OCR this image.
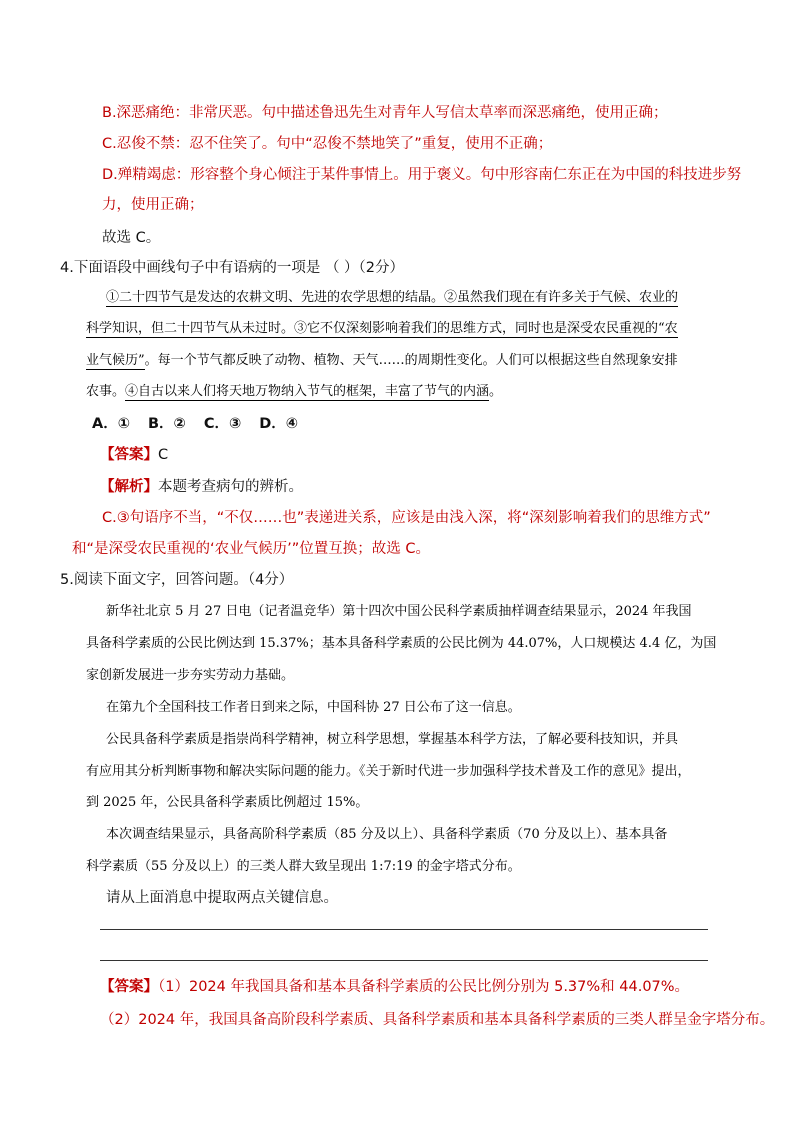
B.深恶痛绝：非常厌恶。句中描述鲁迅先生对青年人写信太草率而深恶痛绝，使用正确；
C.忍俊不禁：忍不住笑了。句中“忍俊不禁地笑了”重复，使用不正确；
D.殚精竭虑：形容整个身心倾注于某件事情上。用于褒义。句中形容南仁东正在为中国的科技进步努
力，使用正确；
故选 C。
4.下面语段中画线句子中有语病的一项是 （ ）（2分）
①二十四节气是发达的农耕文明、先进的农学思想的结晶。②虽然我们现在有许多关于气候、农业的
科学知识，但二十四节气从未过时。③它不仅深刻影响着我们的思维方式，同时也是深受农民重视的“农
业气候历”。每一个节气都反映了动物、植物、天气……的周期性变化。人们可以根据这些自然现象安排
农事。④自古以来人们将天地万物纳入节气的框架，丰富了节气的内涵。
A．① B．② C．③ D．④
【答案】C
【解析】本题考查病句的辨析。
C.③句语序不当，“不仅……也”表递进关系，应该是由浅入深，将“深刻影响着我们的思维方式”
和“是深受农民重视的‘农业气候历’”位置互换；故选 C。
5.阅读下面文字，回答问题。（4分）
新华社北京 5 月 27 日电（记者温竞华）第十四次中国公民科学素质抽样调查结果显示，2024 年我国
具备科学素质的公民比例达到 15.37%；基本具备科学素质的公民比例为 44.07%，人口规模达 4.4 亿，为国
家创新发展进一步夯实劳动力基础。
在第九个全国科技工作者日到来之际，中国科协 27 日公布了这一信息。
公民具备科学素质是指崇尚科学精神，树立科学思想，掌握基本科学方法，了解必要科技知识，并具
有应用其分析判断事物和解决实际问题的能力。《关于新时代进一步加强科学技术普及工作的意见》提出，
到 2025 年，公民具备科学素质比例超过 15%。
本次调查结果显示，具备高阶科学素质（85 分及以上）、具备科学素质（70 分及以上）、基本具备
科学素质（55 分及以上）的三类人群大致呈现出 1:7:19 的金字塔式分布。
请从上面消息中提取两点关键信息。
【答案】（1）2024 年我国具备和基本具备科学素质的公民比例分别为 5.37%和 44.07%。
（2）2024 年，我国具备高阶段科学素质、具备科学素质和基本具备科学素质的三类人群呈金字塔分布。
